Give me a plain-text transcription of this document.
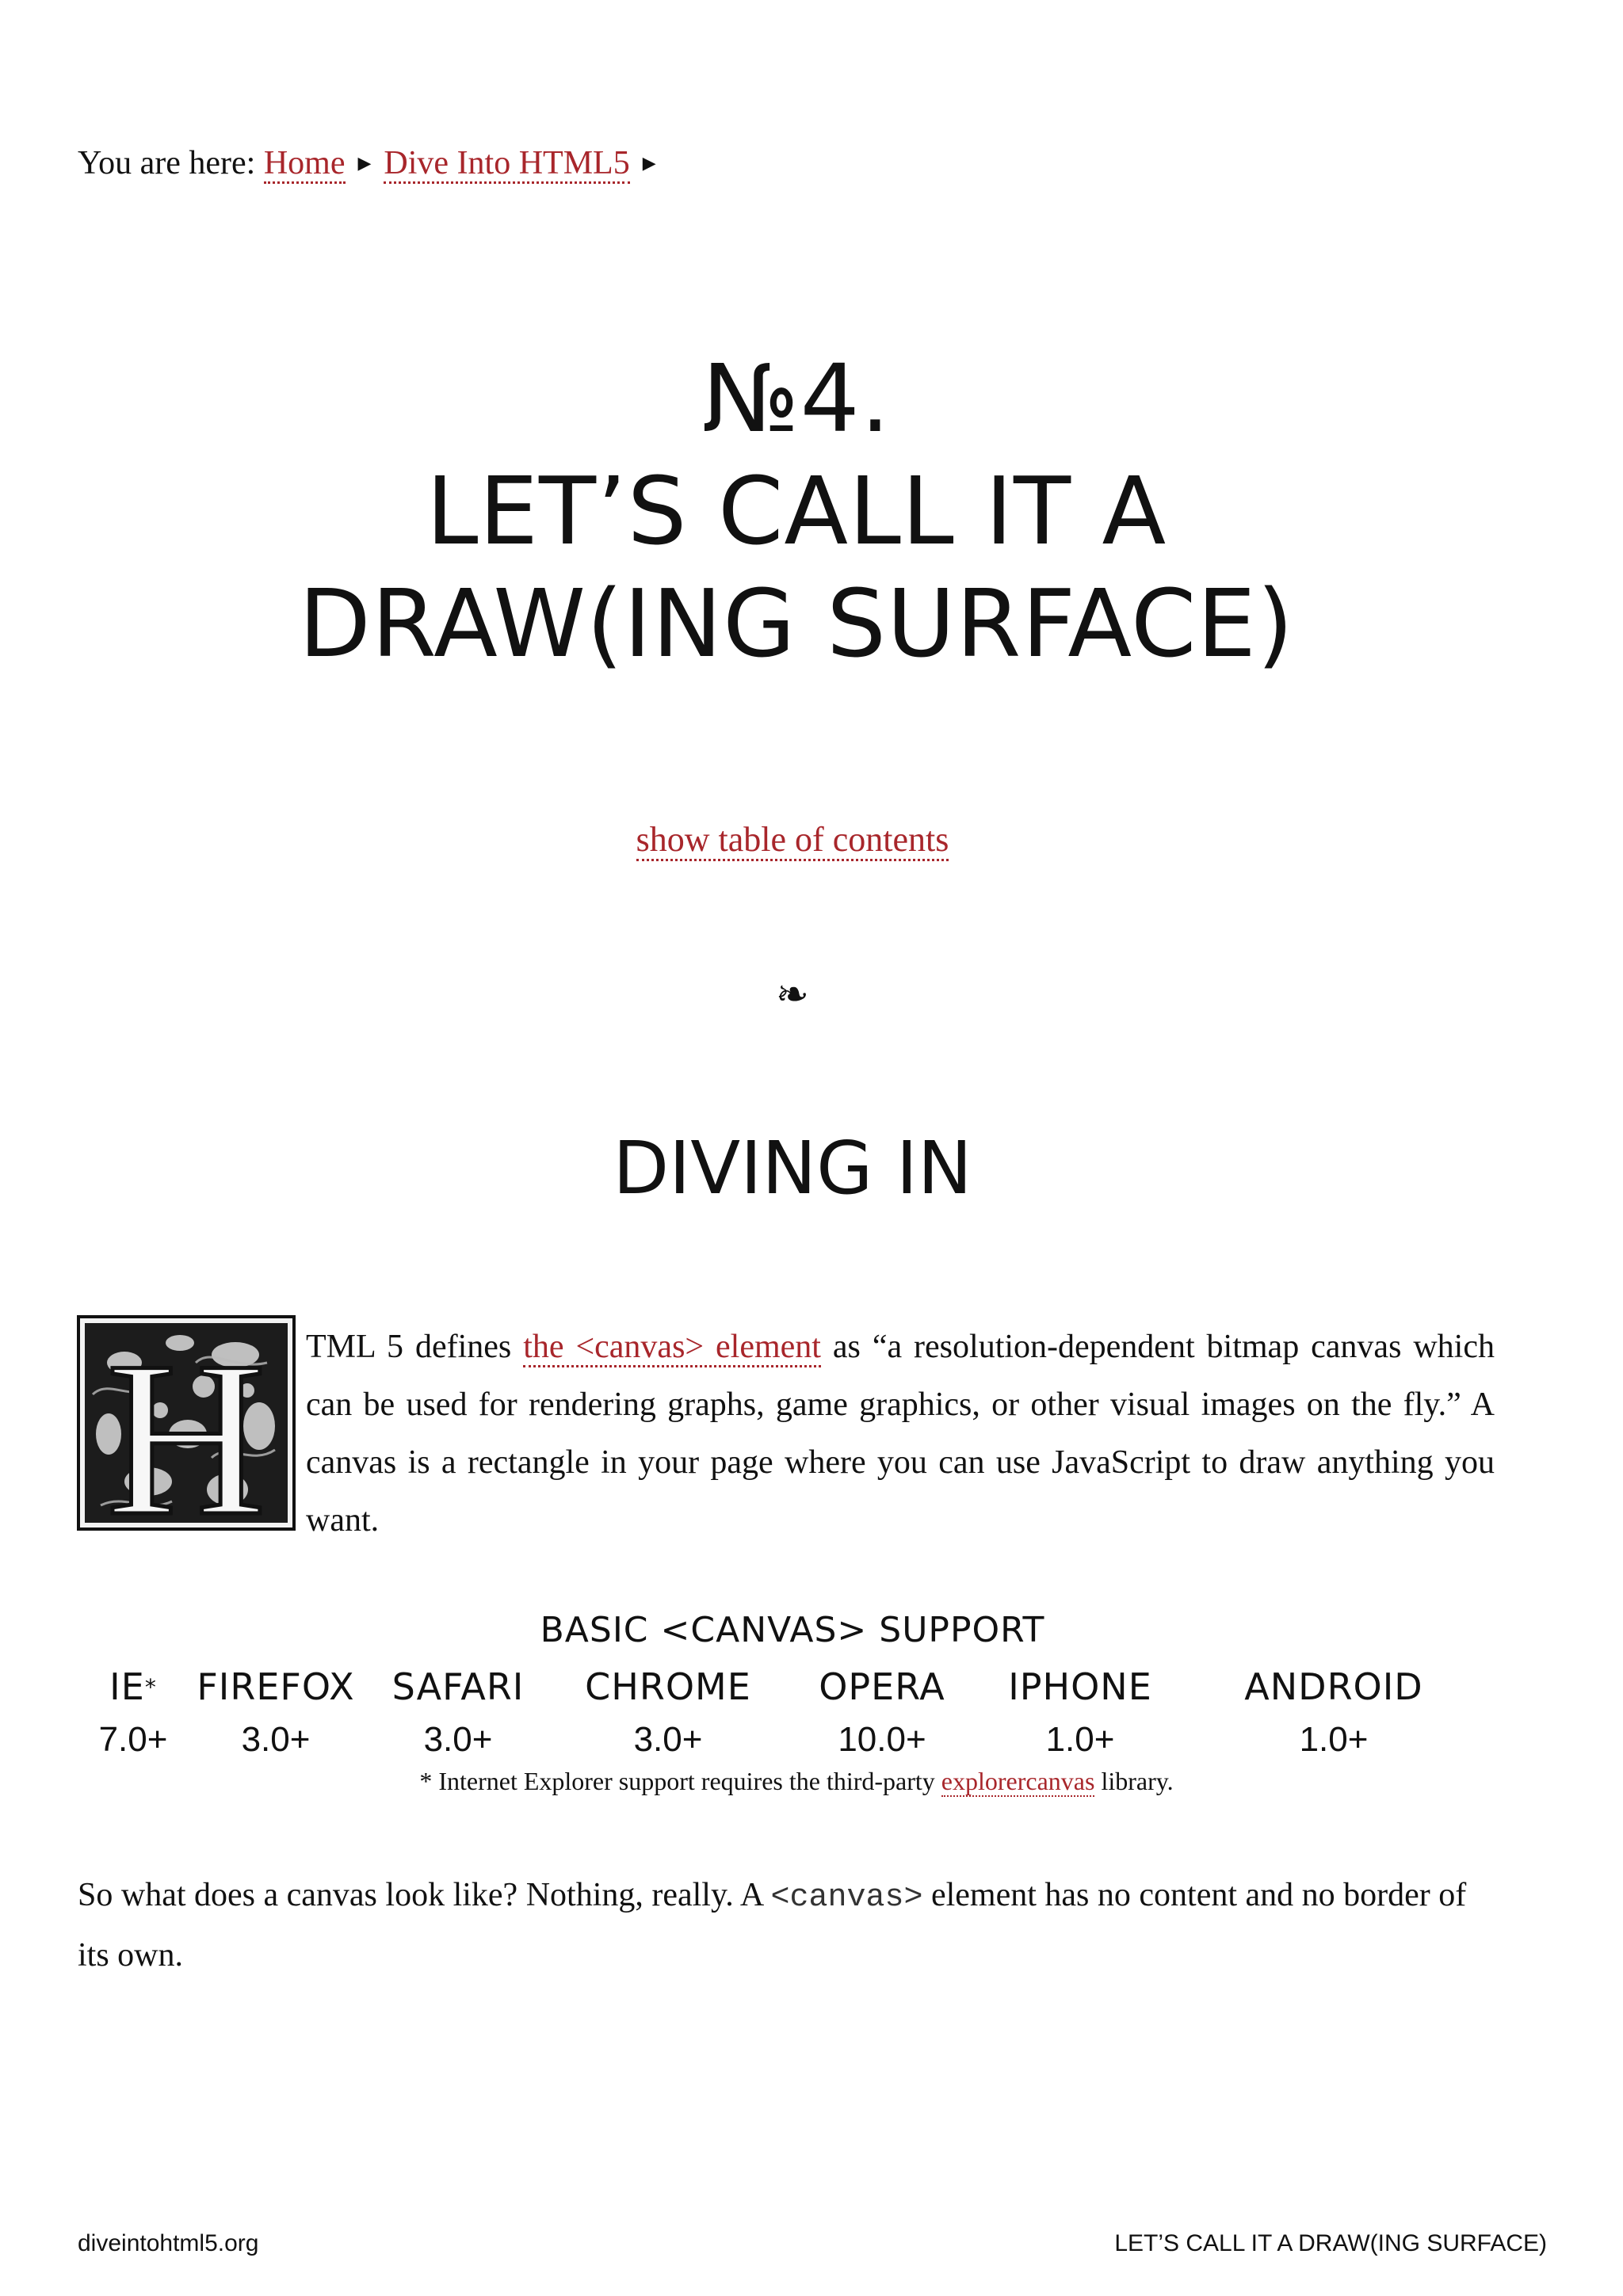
You are here: Home ▶ Dive Into HTML5 ▶
№4.
LET’S CALL IT A
DRAW(ING SURFACE)
show table of contents
❧
DIVING IN
H TML 5 defines the <canvas> element as “a resolution-dependent bitmap canvas which can be used for rendering graphs, game graphics, or other visual images on the fly.” A canvas is a rectangle in your page where you can use JavaScript to draw anything you want.

BASIC <CANVAS> SUPPORT
IE*	FIREFOX	SAFARI	CHROME	OPERA	IPHONE	ANDROID
7.0+	3.0+	3.0+	3.0+	10.0+	1.0+	1.0+
* Internet Explorer support requires the third-party explorercanvas library.

So what does a canvas look like? Nothing, really. A <canvas> element has no content and no border of its own.

diveintohtml5.org	LET’S CALL IT A DRAW(ING SURFACE)
